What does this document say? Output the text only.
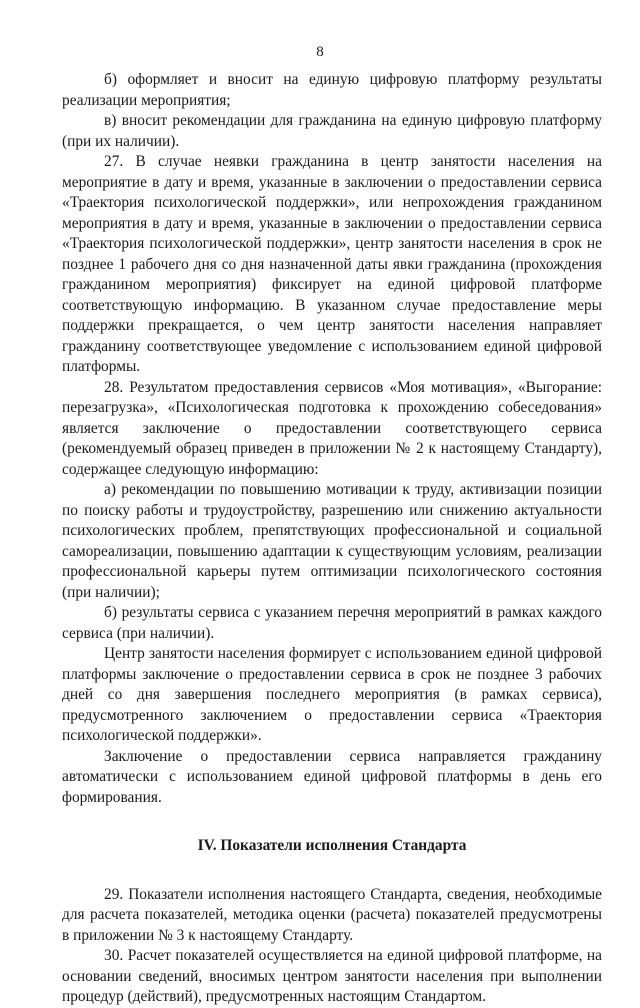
8

б) оформляет и вносит на единую цифровую платформу результаты реализации мероприятия;

в) вносит рекомендации для гражданина на единую цифровую платформу (при их наличии).

27. В случае неявки гражданина в центр занятости населения на мероприятие в дату и время, указанные в заключении о предоставлении сервиса «Траектория психологической поддержки», или непрохождения гражданином мероприятия в дату и время, указанные в заключении о предоставлении сервиса «Траектория психологической поддержки», центр занятости населения в срок не позднее 1 рабочего дня со дня назначенной даты явки гражданина (прохождения гражданином мероприятия) фиксирует на единой цифровой платформе соответствующую информацию. В указанном случае предоставление меры поддержки прекращается, о чем центр занятости населения направляет гражданину соответствующее уведомление с использованием единой цифровой платформы.

28. Результатом предоставления сервисов «Моя мотивация», «Выгорание: перезагрузка», «Психологическая подготовка к прохождению собеседования» является заключение о предоставлении соответствующего сервиса (рекомендуемый образец приведен в приложении № 2 к настоящему Стандарту), содержащее следующую информацию:

а) рекомендации по повышению мотивации к труду, активизации позиции по поиску работы и трудоустройству, разрешению или снижению актуальности психологических проблем, препятствующих профессиональной и социальной самореализации, повышению адаптации к существующим условиям, реализации профессиональной карьеры путем оптимизации психологического состояния (при наличии);

б) результаты сервиса с указанием перечня мероприятий в рамках каждого сервиса (при наличии).

Центр занятости населения формирует с использованием единой цифровой платформы заключение о предоставлении сервиса в срок не позднее 3 рабочих дней со дня завершения последнего мероприятия (в рамках сервиса), предусмотренного заключением о предоставлении сервиса «Траектория психологической поддержки».

Заключение о предоставлении сервиса направляется гражданину автоматически с использованием единой цифровой платформы в день его формирования.

IV. Показатели исполнения Стандарта

29. Показатели исполнения настоящего Стандарта, сведения, необходимые для расчета показателей, методика оценки (расчета) показателей предусмотрены в приложении № 3 к настоящему Стандарту.

30. Расчет показателей осуществляется на единой цифровой платформе, на основании сведений, вносимых центром занятости населения при выполнении процедур (действий), предусмотренных настоящим Стандартом.
